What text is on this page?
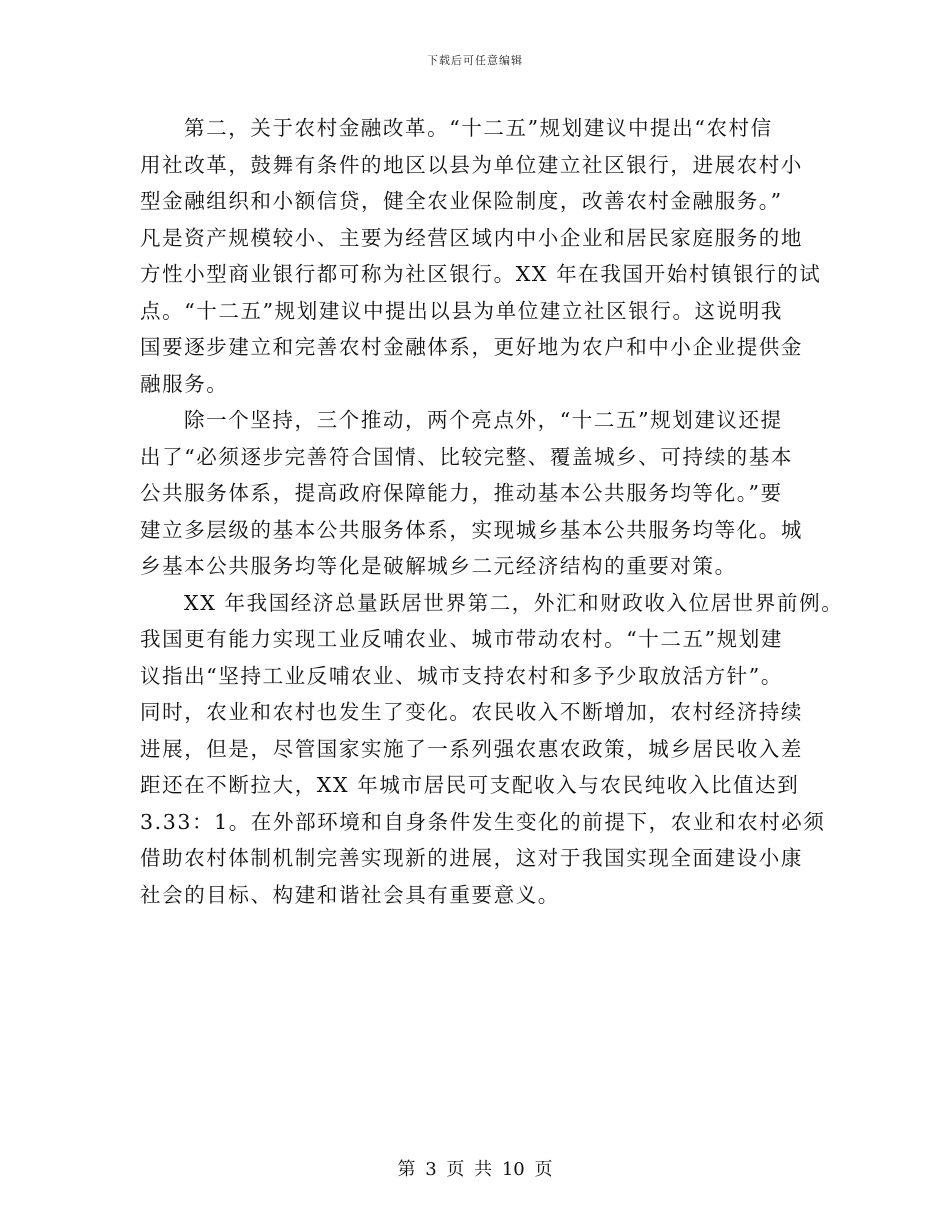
下载后可任意编辑
第二，关于农村金融改革。“十二五”规划建议中提出“农村信
用社改革，鼓舞有条件的地区以县为单位建立社区银行，进展农村小
型金融组织和小额信贷，健全农业保险制度，改善农村金融服务。”
凡是资产规模较小、主要为经营区域内中小企业和居民家庭服务的地
方性小型商业银行都可称为社区银行。XX 年在我国开始村镇银行的试
点。“十二五”规划建议中提出以县为单位建立社区银行。这说明我
国要逐步建立和完善农村金融体系，更好地为农户和中小企业提供金
融服务。
除一个坚持，三个推动，两个亮点外，“十二五”规划建议还提
出了“必须逐步完善符合国情、比较完整、覆盖城乡、可持续的基本
公共服务体系，提高政府保障能力，推动基本公共服务均等化。”要
建立多层级的基本公共服务体系，实现城乡基本公共服务均等化。城
乡基本公共服务均等化是破解城乡二元经济结构的重要对策。
XX 年我国经济总量跃居世界第二，外汇和财政收入位居世界前例。
我国更有能力实现工业反哺农业、城市带动农村。“十二五”规划建
议指出“坚持工业反哺农业、城市支持农村和多予少取放活方针”。
同时，农业和农村也发生了变化。农民收入不断增加，农村经济持续
进展，但是，尽管国家实施了一系列强农惠农政策，城乡居民收入差
距还在不断拉大，XX 年城市居民可支配收入与农民纯收入比值达到
3.33：1。在外部环境和自身条件发生变化的前提下，农业和农村必须
借助农村体制机制完善实现新的进展，这对于我国实现全面建设小康
社会的目标、构建和谐社会具有重要意义。
第 3 页 共 10 页
